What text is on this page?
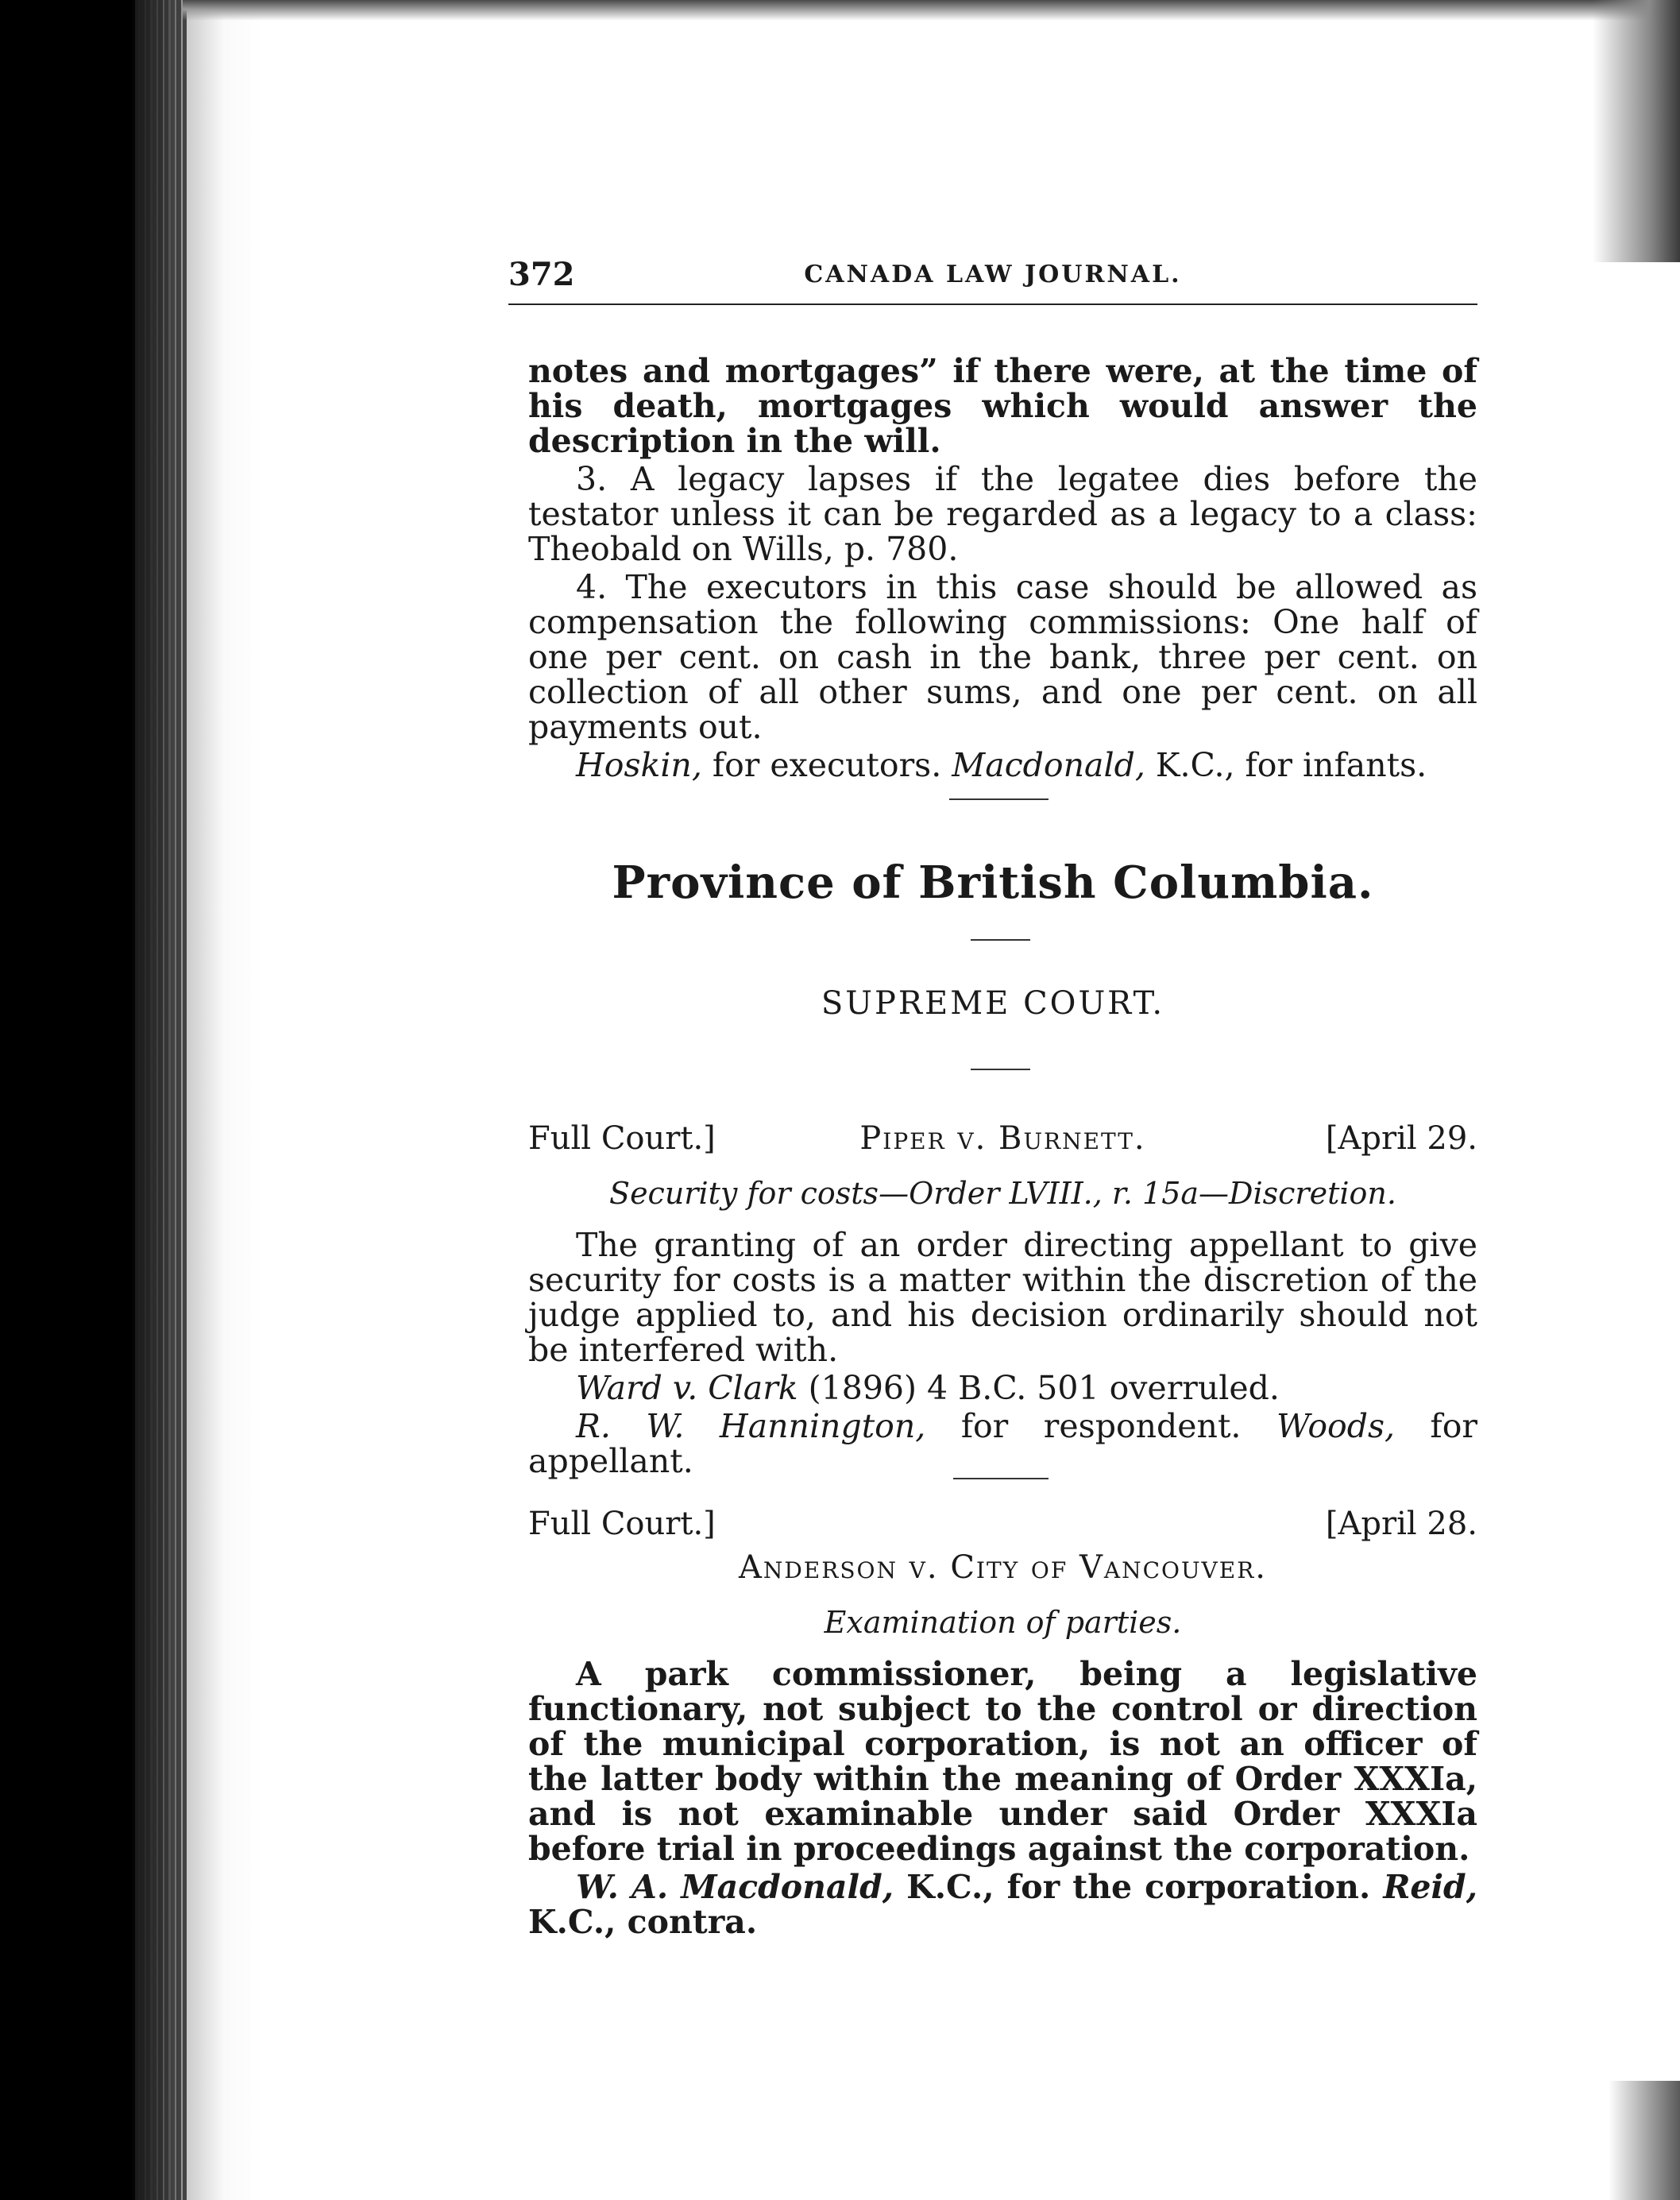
372	CANADA LAW JOURNAL.

notes and mortgages” if there were, at the time of his death, mortgages which would answer the description in the will.

3. A legacy lapses if the legatee dies before the testator unless it can be regarded as a legacy to a class: Theobald on Wills, p. 780.

4. The executors in this case should be allowed as compensation the following commissions: One half of one per cent. on cash in the bank, three per cent. on collection of all other sums, and one per cent. on all payments out.

Hoskin, for executors. Macdonald, K.C., for infants.

Province of British Columbia.
SUPREME COURT.
Full Court.]	Piper v. Burnett.	[April 29.
Security for costs—Order LVIII., r. 15a—Discretion.

The granting of an order directing appellant to give security for costs is a matter within the discretion of the judge applied to, and his decision ordinarily should not be interfered with.

Ward v. Clark (1896) 4 B.C. 501 overruled.

R. W. Hannington, for respondent. Woods, for appellant.

Full Court.]	[April 28.
Anderson v. City of Vancouver.
Examination of parties.

A park commissioner, being a legislative functionary, not subject to the control or direction of the municipal corporation, is not an officer of the latter body within the meaning of Order XXXIa, and is not examinable under said Order XXXIa before trial in proceedings against the corporation.

W. A. Macdonald, K.C., for the corporation. Reid, K.C., contra.
